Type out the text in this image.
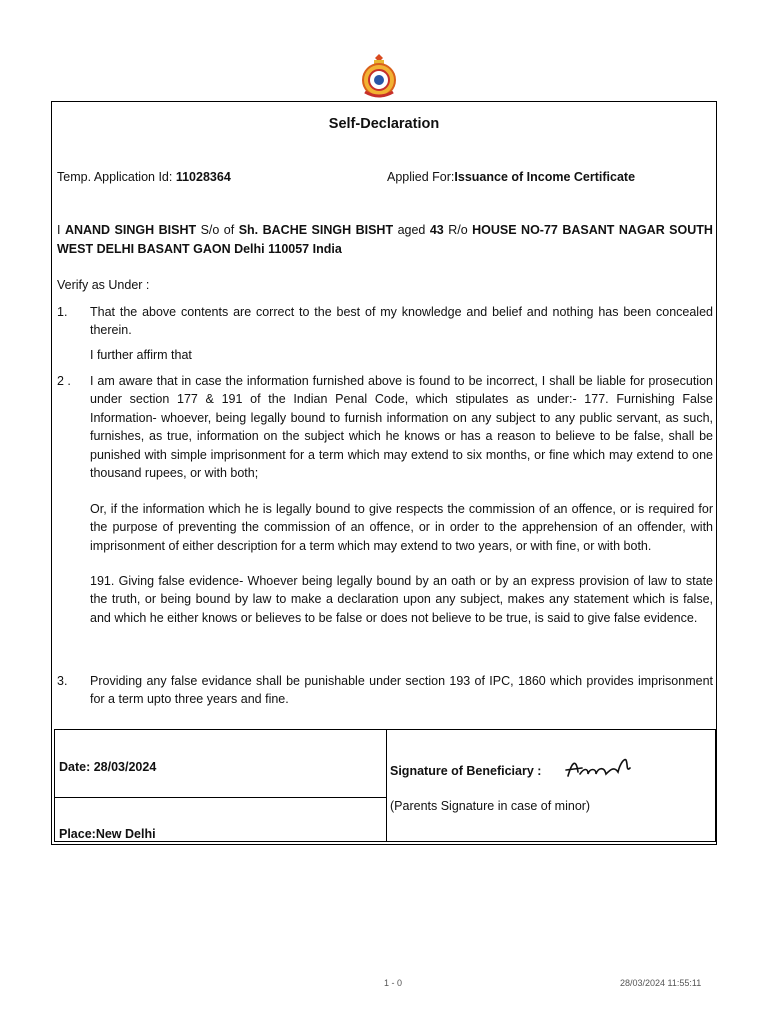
Self-Declaration
Temp. Application Id: 11028364	Applied For:Issuance of Income Certificate
I ANAND SINGH BISHT S/o of Sh. BACHE SINGH BISHT aged 43 R/o HOUSE NO-77 BASANT NAGAR SOUTH WEST DELHI BASANT GAON Delhi 110057 India
Verify as Under :
1. That the above contents are correct to the best of my knowledge and belief and nothing has been concealed therein.
I further affirm that
2 . I am aware that in case the information furnished above is found to be incorrect, I shall be liable for prosecution under section 177 & 191 of the Indian Penal Code, which stipulates as under:- 177. Furnishing False Information- whoever, being legally bound to furnish information on any subject to any public servant, as such, furnishes, as true, information on the subject which he knows or has a reason to believe to be false, shall be punished with simple imprisonment for a term which may extend to six months, or fine which may extend to one thousand rupees, or with both;
Or, if the information which he is legally bound to give respects the commission of an offence, or is required for the purpose of preventing the commission of an offence, or in order to the apprehension of an offender, with imprisonment of either description for a term which may extend to two years, or with fine, or with both.
191. Giving false evidence- Whoever being legally bound by an oath or by an express provision of law to state the truth, or being bound by law to make a declaration upon any subject, makes any statement which is false, and which he either knows or believes to be false or does not believe to be true, is said to give false evidence.
3. Providing any false evidance shall be punishable under section 193 of IPC, 1860 which provides imprisonment for a term upto three years and fine.
Date: 28/03/2024
Place:New Delhi
Signature of Beneficiary :
(Parents Signature in case of minor)
1 - 0	28/03/2024 11:55:11
